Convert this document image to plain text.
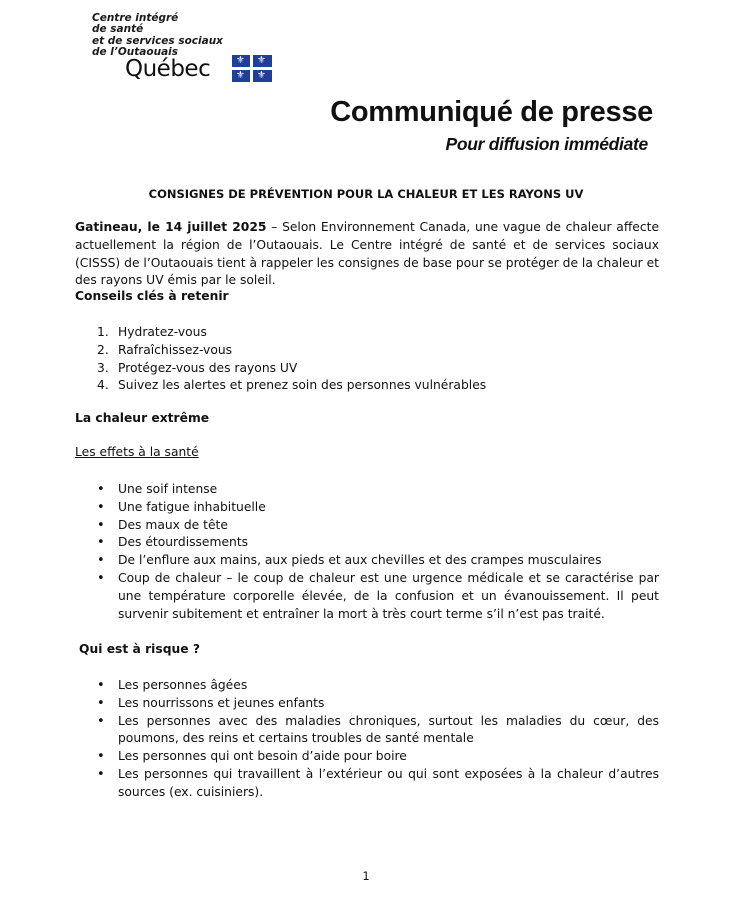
Centre intégré
de santé
et de services sociaux
de l’Outaouais
Québec	⚜ ⚜
⚜ ⚜
Communiqué de presse
Pour diffusion immédiate
CONSIGNES DE PRÉVENTION POUR LA CHALEUR ET LES RAYONS UV
Gatineau, le 14 juillet 2025 – Selon Environnement Canada, une vague de chaleur affecte actuellement la région de l’Outaouais. Le Centre intégré de santé et de services sociaux (CISSS) de l’Outaouais tient à rappeler les consignes de base pour se protéger de la chaleur et des rayons UV émis par le soleil.
Conseils clés à retenir
1. Hydratez-vous
2. Rafraîchissez-vous
3. Protégez-vous des rayons UV
4. Suivez les alertes et prenez soin des personnes vulnérables
La chaleur extrême
Les effets à la santé
• Une soif intense
• Une fatigue inhabituelle
• Des maux de tête
• Des étourdissements
• De l’enflure aux mains, aux pieds et aux chevilles et des crampes musculaires
• Coup de chaleur – le coup de chaleur est une urgence médicale et se caractérise par une température corporelle élevée, de la confusion et un évanouissement. Il peut survenir subitement et entraîner la mort à très court terme s’il n’est pas traité.
Qui est à risque ?
• Les personnes âgées
• Les nourrissons et jeunes enfants
• Les personnes avec des maladies chroniques, surtout les maladies du cœur, des poumons, des reins et certains troubles de santé mentale
• Les personnes qui ont besoin d’aide pour boire
• Les personnes qui travaillent à l’extérieur ou qui sont exposées à la chaleur d’autres sources (ex. cuisiniers).
1
